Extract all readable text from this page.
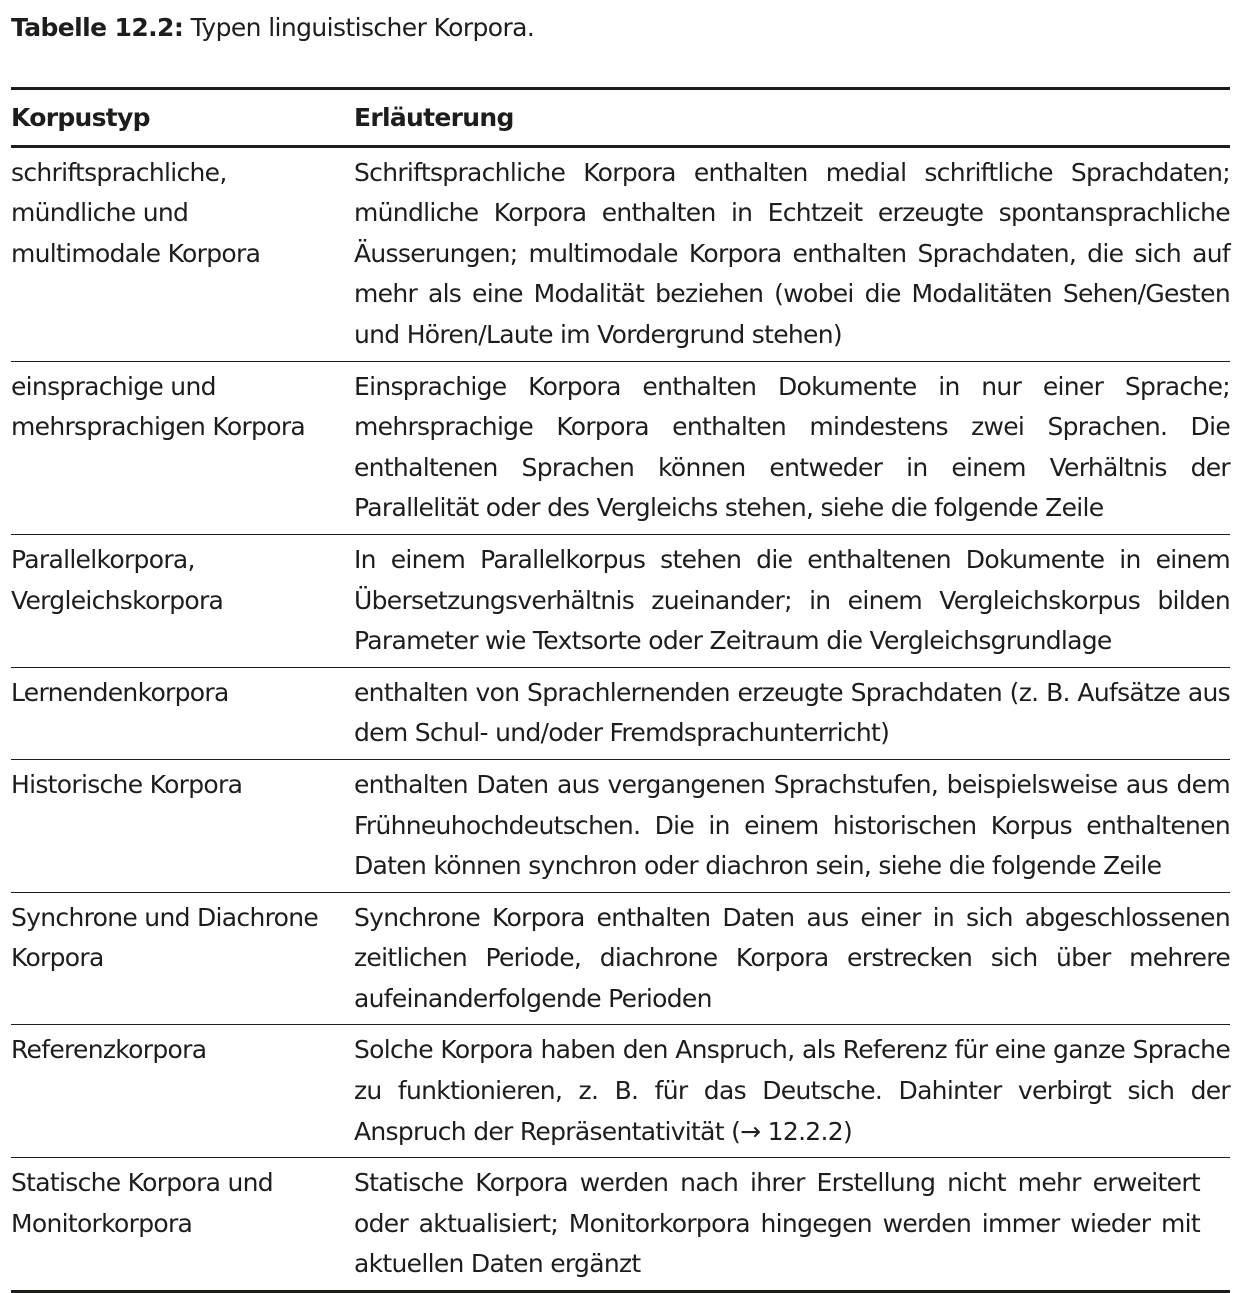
Tabelle 12.2: Typen linguistischer Korpora.
Korpustyp	Erläuterung
schriftsprachliche, mündliche und multimodale Korpora	Schriftsprachliche Korpora enthalten medial schriftliche Sprachdaten; mündliche Korpora enthalten in Echtzeit erzeugte spontansprachliche Äusserungen; multimodale Korpora enthalten Sprachdaten, die sich auf mehr als eine Modalität beziehen (wobei die Modalitäten Sehen/Gesten und Hören/Laute im Vordergrund stehen)
einsprachige und mehrsprachigen Korpora	Einsprachige Korpora enthalten Dokumente in nur einer Sprache; mehrsprachige Korpora enthalten mindestens zwei Sprachen. Die enthaltenen Sprachen können entweder in einem Verhältnis der Parallelität oder des Vergleichs stehen, siehe die folgende Zeile
Parallelkorpora, Vergleichskorpora	In einem Parallelkorpus stehen die enthaltenen Dokumente in einem Übersetzungsverhältnis zueinander; in einem Vergleichskorpus bilden Parameter wie Textsorte oder Zeitraum die Vergleichsgrundlage
Lernendenkorpora	enthalten von Sprachlernenden erzeugte Sprachdaten (z. B. Aufsätze aus dem Schul- und/oder Fremdsprachunterricht)
Historische Korpora	enthalten Daten aus vergangenen Sprachstufen, beispielsweise aus dem Frühneuhochdeutschen. Die in einem historischen Korpus enthaltenen Daten können synchron oder diachron sein, siehe die folgende Zeile
Synchrone und Diachrone Korpora	Synchrone Korpora enthalten Daten aus einer in sich abgeschlossenen zeitlichen Periode, diachrone Korpora erstrecken sich über mehrere aufeinanderfolgende Perioden
Referenzkorpora	Solche Korpora haben den Anspruch, als Referenz für eine ganze Sprache zu funktionieren, z. B. für das Deutsche. Dahinter verbirgt sich der Anspruch der Repräsentativität (→ 12.2.2)
Statische Korpora und Monitorkorpora	Statische Korpora werden nach ihrer Erstellung nicht mehr erweitert oder aktualisiert; Monitorkorpora hingegen werden immer wieder mit aktuellen Daten ergänzt
